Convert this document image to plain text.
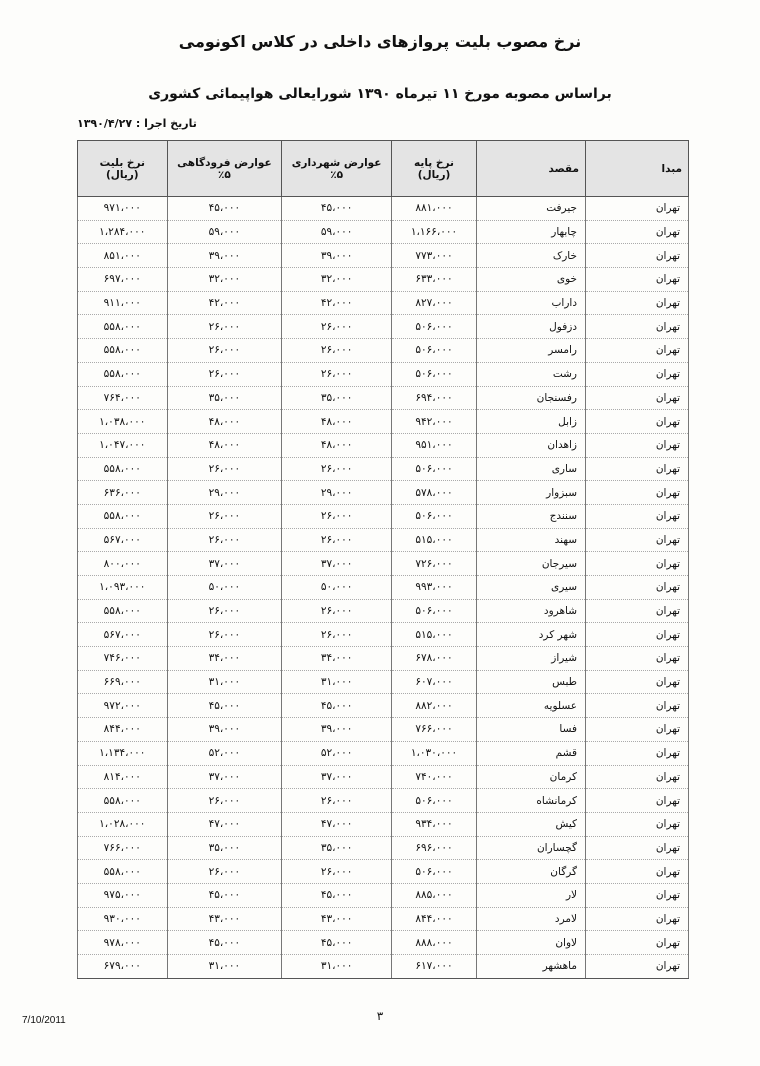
نرخ مصوب بلیت پروازهای داخلی در کلاس اکونومی
براساس مصوبه مورخ ۱۱ تیرماه ۱۳۹۰ شورایعالی هواپیمائی کشوری
تاریخ اجرا : ۱۳۹۰/۴/۲۷
مبدا	مقصد	نرخ پایه (ریال)	عوارض شهرداری ۵٪	عوارض فرودگاهی ۵٪	نرخ بلیت (ریال)
تهران	جیرفت	۸۸۱،۰۰۰	۴۵،۰۰۰	۴۵،۰۰۰	۹۷۱،۰۰۰
تهران	چابهار	۱،۱۶۶،۰۰۰	۵۹،۰۰۰	۵۹،۰۰۰	۱،۲۸۴،۰۰۰
تهران	خارک	۷۷۳،۰۰۰	۳۹،۰۰۰	۳۹،۰۰۰	۸۵۱،۰۰۰
تهران	خوی	۶۳۳،۰۰۰	۳۲،۰۰۰	۳۲،۰۰۰	۶۹۷،۰۰۰
تهران	داراب	۸۲۷،۰۰۰	۴۲،۰۰۰	۴۲،۰۰۰	۹۱۱،۰۰۰
تهران	دزفول	۵۰۶،۰۰۰	۲۶،۰۰۰	۲۶،۰۰۰	۵۵۸،۰۰۰
تهران	رامسر	۵۰۶،۰۰۰	۲۶،۰۰۰	۲۶،۰۰۰	۵۵۸،۰۰۰
تهران	رشت	۵۰۶،۰۰۰	۲۶،۰۰۰	۲۶،۰۰۰	۵۵۸،۰۰۰
تهران	رفسنجان	۶۹۴،۰۰۰	۳۵،۰۰۰	۳۵،۰۰۰	۷۶۴،۰۰۰
تهران	زابل	۹۴۲،۰۰۰	۴۸،۰۰۰	۴۸،۰۰۰	۱،۰۳۸،۰۰۰
تهران	زاهدان	۹۵۱،۰۰۰	۴۸،۰۰۰	۴۸،۰۰۰	۱،۰۴۷،۰۰۰
تهران	ساری	۵۰۶،۰۰۰	۲۶،۰۰۰	۲۶،۰۰۰	۵۵۸،۰۰۰
تهران	سبزوار	۵۷۸،۰۰۰	۲۹،۰۰۰	۲۹،۰۰۰	۶۳۶،۰۰۰
تهران	سنندج	۵۰۶،۰۰۰	۲۶،۰۰۰	۲۶،۰۰۰	۵۵۸،۰۰۰
تهران	سهند	۵۱۵،۰۰۰	۲۶،۰۰۰	۲۶،۰۰۰	۵۶۷،۰۰۰
تهران	سیرجان	۷۲۶،۰۰۰	۳۷،۰۰۰	۳۷،۰۰۰	۸۰۰،۰۰۰
تهران	سیری	۹۹۳،۰۰۰	۵۰،۰۰۰	۵۰،۰۰۰	۱،۰۹۳،۰۰۰
تهران	شاهرود	۵۰۶،۰۰۰	۲۶،۰۰۰	۲۶،۰۰۰	۵۵۸،۰۰۰
تهران	شهر کرد	۵۱۵،۰۰۰	۲۶،۰۰۰	۲۶،۰۰۰	۵۶۷،۰۰۰
تهران	شیراز	۶۷۸،۰۰۰	۳۴،۰۰۰	۳۴،۰۰۰	۷۴۶،۰۰۰
تهران	طبس	۶۰۷،۰۰۰	۳۱،۰۰۰	۳۱،۰۰۰	۶۶۹،۰۰۰
تهران	عسلویه	۸۸۲،۰۰۰	۴۵،۰۰۰	۴۵،۰۰۰	۹۷۲،۰۰۰
تهران	فسا	۷۶۶،۰۰۰	۳۹،۰۰۰	۳۹،۰۰۰	۸۴۴،۰۰۰
تهران	قشم	۱،۰۳۰،۰۰۰	۵۲،۰۰۰	۵۲،۰۰۰	۱،۱۳۴،۰۰۰
تهران	کرمان	۷۴۰،۰۰۰	۳۷،۰۰۰	۳۷،۰۰۰	۸۱۴،۰۰۰
تهران	کرمانشاه	۵۰۶،۰۰۰	۲۶،۰۰۰	۲۶،۰۰۰	۵۵۸،۰۰۰
تهران	کیش	۹۳۴،۰۰۰	۴۷،۰۰۰	۴۷،۰۰۰	۱،۰۲۸،۰۰۰
تهران	گچساران	۶۹۶،۰۰۰	۳۵،۰۰۰	۳۵،۰۰۰	۷۶۶،۰۰۰
تهران	گرگان	۵۰۶،۰۰۰	۲۶،۰۰۰	۲۶،۰۰۰	۵۵۸،۰۰۰
تهران	لار	۸۸۵،۰۰۰	۴۵،۰۰۰	۴۵،۰۰۰	۹۷۵،۰۰۰
تهران	لامرد	۸۴۴،۰۰۰	۴۳،۰۰۰	۴۳،۰۰۰	۹۳۰،۰۰۰
تهران	لاوان	۸۸۸،۰۰۰	۴۵،۰۰۰	۴۵،۰۰۰	۹۷۸،۰۰۰
تهران	ماهشهر	۶۱۷،۰۰۰	۳۱،۰۰۰	۳۱،۰۰۰	۶۷۹،۰۰۰
7/10/2011	۳
